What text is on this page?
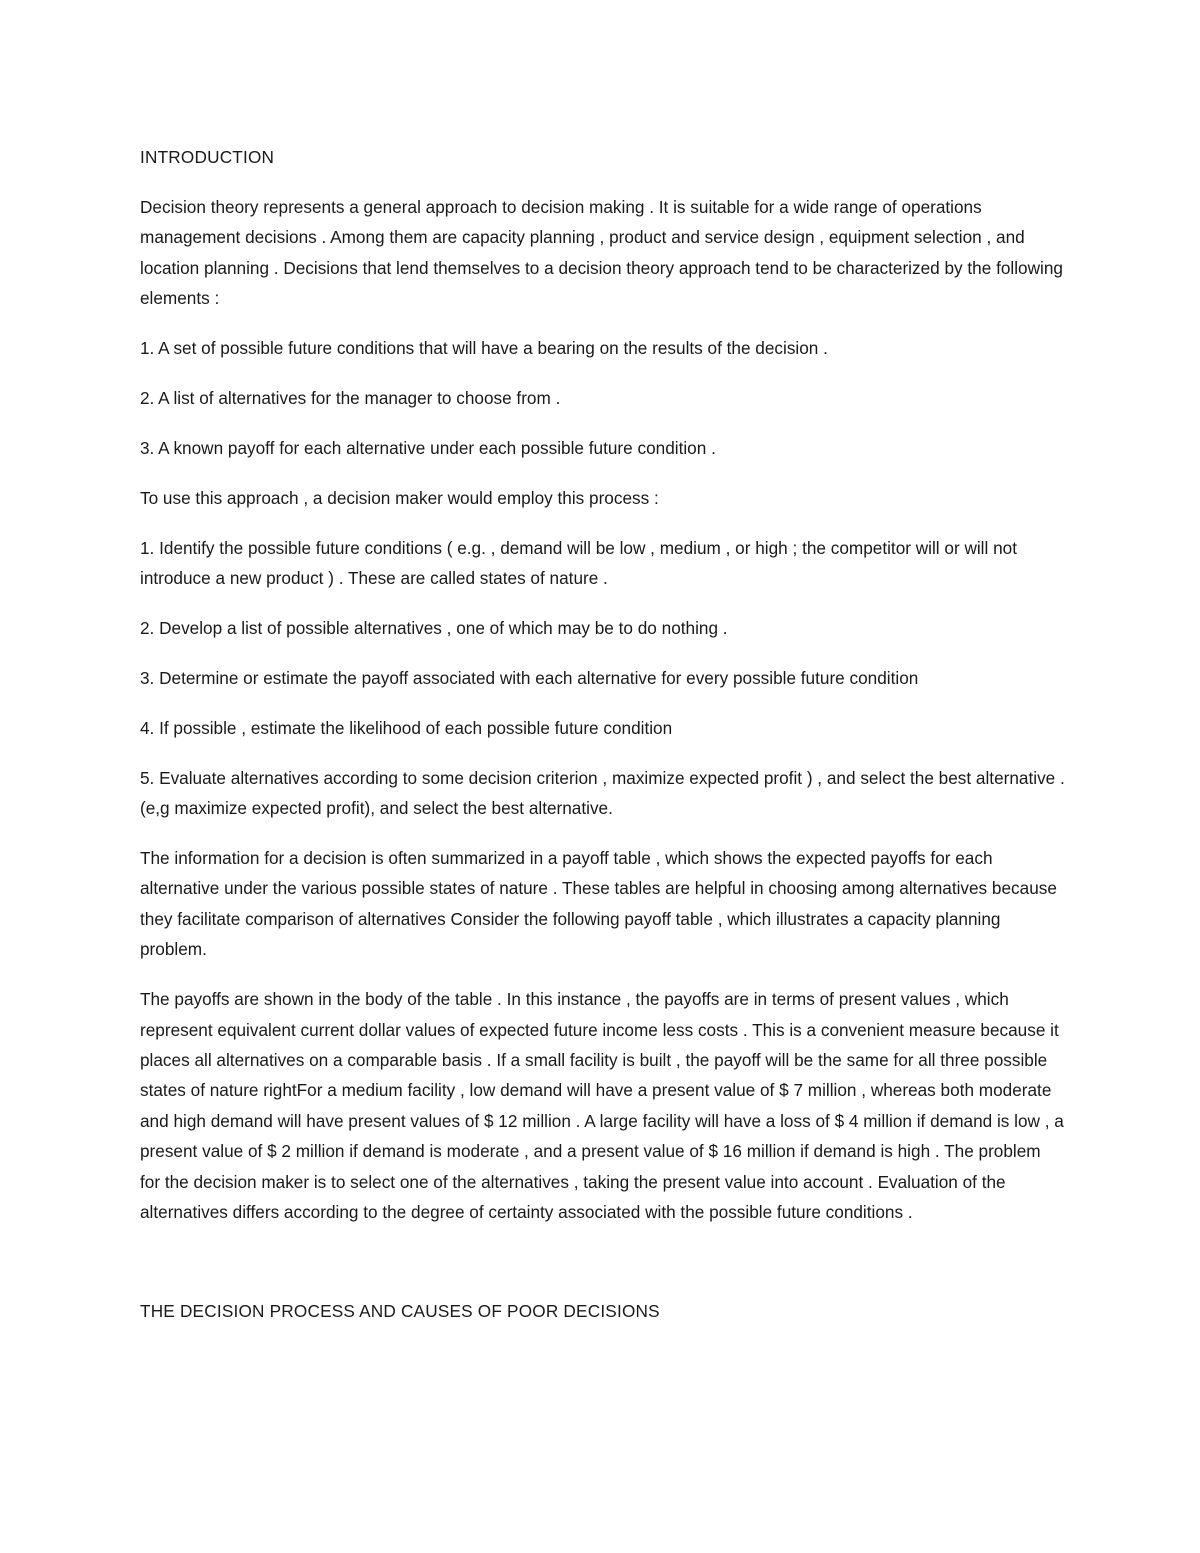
INTRODUCTION

Decision theory represents a general approach to decision making . It is suitable for a wide range of operations management decisions . Among them are capacity planning , product and service design , equipment selection , and location planning . Decisions that lend themselves to a decision theory approach tend to be characterized by the following elements :

1. A set of possible future conditions that will have a bearing on the results of the decision .

2. A list of alternatives for the manager to choose from .

3. A known payoff for each alternative under each possible future condition .

To use this approach , a decision maker would employ this process :

1. Identify the possible future conditions ( e.g. , demand will be low , medium , or high ; the competitor will or will not introduce a new product ) . These are called states of nature .

2. Develop a list of possible alternatives , one of which may be to do nothing .

3. Determine or estimate the payoff associated with each alternative for every possible future condition

4. If possible , estimate the likelihood of each possible future condition

5. Evaluate alternatives according to some decision criterion , maximize expected profit ) , and select the best alternative . (e,g maximize expected profit), and select the best alternative.

The information for a decision is often summarized in a payoff table , which shows the expected payoffs for each alternative under the various possible states of nature . These tables are helpful in choosing among alternatives because they facilitate comparison of alternatives Consider the following payoff table , which illustrates a capacity planning problem.

The payoffs are shown in the body of the table . In this instance , the payoffs are in terms of present values , which represent equivalent current dollar values of expected future income less costs . This is a convenient measure because it places all alternatives on a comparable basis . If a small facility is built , the payoff will be the same for all three possible states of nature rightFor a medium facility , low demand will have a present value of $ 7 million , whereas both moderate and high demand will have present values of $ 12 million . A large facility will have a loss of $ 4 million if demand is low , a present value of $ 2 million if demand is moderate , and a present value of $ 16 million if demand is high . The problem for the decision maker is to select one of the alternatives , taking the present value into account . Evaluation of the alternatives differs according to the degree of certainty associated with the possible future conditions .

THE DECISION PROCESS AND CAUSES OF POOR DECISIONS
